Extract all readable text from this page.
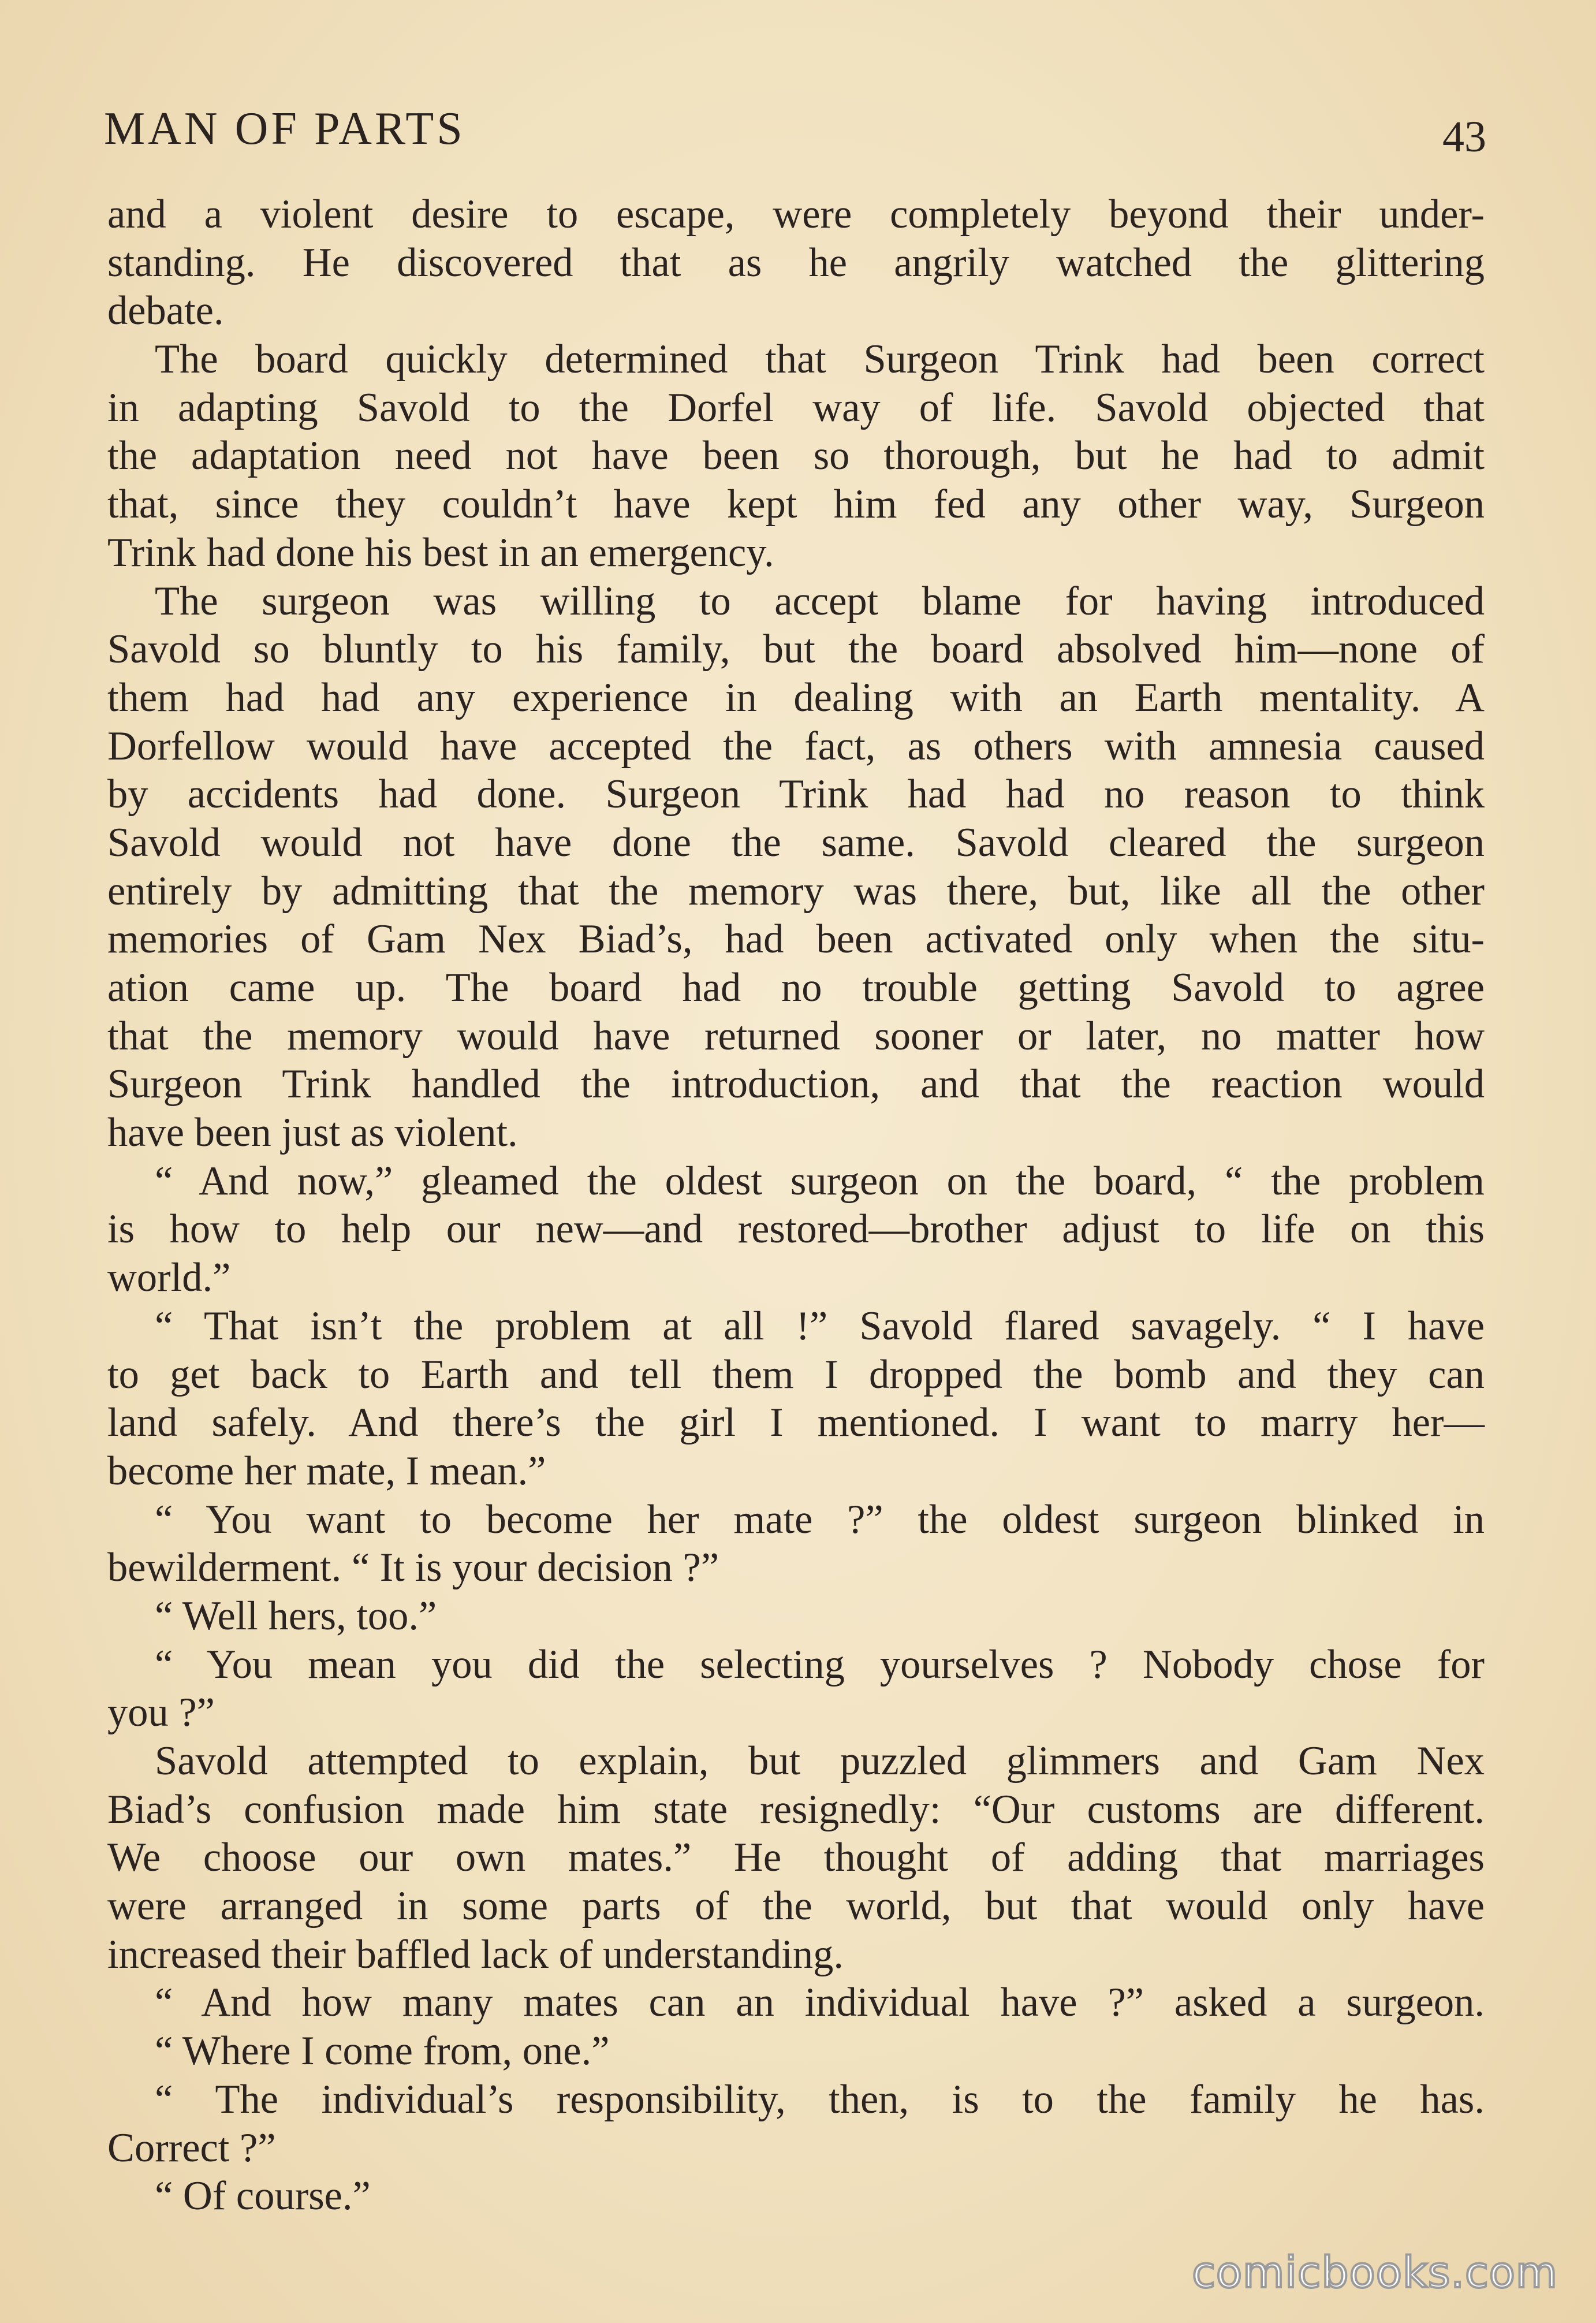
MAN OF PARTS	43
and a violent desire to escape, were completely beyond their under-
standing. He discovered that as he angrily watched the glittering
debate.
The board quickly determined that Surgeon Trink had been correct
in adapting Savold to the Dorfel way of life. Savold objected that
the adaptation need not have been so thorough, but he had to admit
that, since they couldn’t have kept him fed any other way, Surgeon
Trink had done his best in an emergency.
The surgeon was willing to accept blame for having introduced
Savold so bluntly to his family, but the board absolved him—none of
them had had any experience in dealing with an Earth mentality. A
Dorfellow would have accepted the fact, as others with amnesia caused
by accidents had done. Surgeon Trink had had no reason to think
Savold would not have done the same. Savold cleared the surgeon
entirely by admitting that the memory was there, but, like all the other
memories of Gam Nex Biad’s, had been activated only when the situ-
ation came up. The board had no trouble getting Savold to agree
that the memory would have returned sooner or later, no matter how
Surgeon Trink handled the introduction, and that the reaction would
have been just as violent.
“ And now,” gleamed the oldest surgeon on the board, “ the problem
is how to help our new—and restored—brother adjust to life on this
world.”
“ That isn’t the problem at all !” Savold flared savagely. “ I have
to get back to Earth and tell them I dropped the bomb and they can
land safely. And there’s the girl I mentioned. I want to marry her—
become her mate, I mean.”
“ You want to become her mate ?” the oldest surgeon blinked in
bewilderment. “ It is your decision ?”
“ Well hers, too.”
“ You mean you did the selecting yourselves ? Nobody chose for
you ?”
Savold attempted to explain, but puzzled glimmers and Gam Nex
Biad’s confusion made him state resignedly: “Our customs are different.
We choose our own mates.” He thought of adding that marriages
were arranged in some parts of the world, but that would only have
increased their baffled lack of understanding.
“ And how many mates can an individual have ?” asked a surgeon.
“ Where I come from, one.”
“ The individual’s responsibility, then, is to the family he has.
Correct ?”
“ Of course.”
comicbooks.com
